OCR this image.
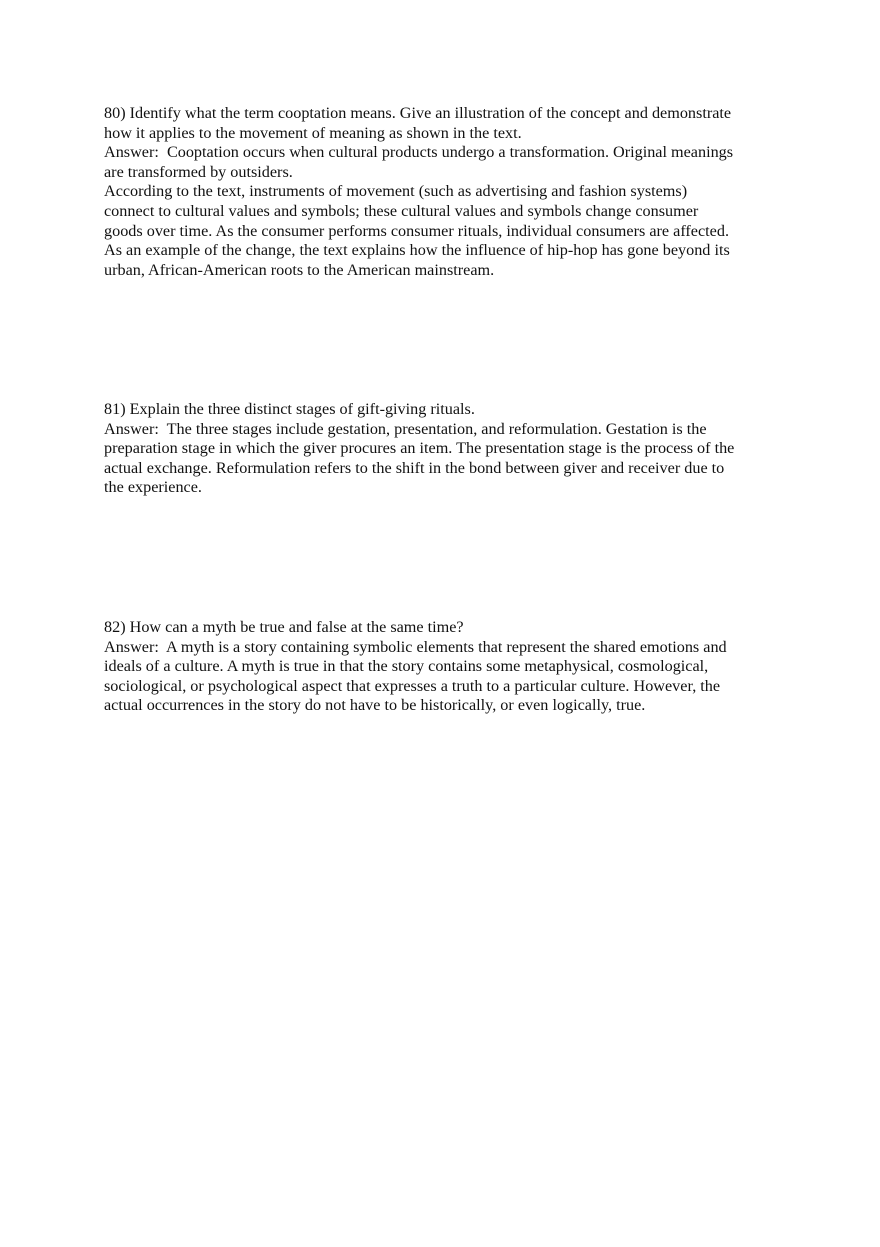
80) Identify what the term cooptation means. Give an illustration of the concept and demonstrate
how it applies to the movement of meaning as shown in the text.
Answer:  Cooptation occurs when cultural products undergo a transformation. Original meanings
are transformed by outsiders.
According to the text, instruments of movement (such as advertising and fashion systems)
connect to cultural values and symbols; these cultural values and symbols change consumer
goods over time. As the consumer performs consumer rituals, individual consumers are affected.
As an example of the change, the text explains how the influence of hip-hop has gone beyond its
urban, African-American roots to the American mainstream.
81) Explain the three distinct stages of gift-giving rituals.
Answer:  The three stages include gestation, presentation, and reformulation. Gestation is the
preparation stage in which the giver procures an item. The presentation stage is the process of the
actual exchange. Reformulation refers to the shift in the bond between giver and receiver due to
the experience.
82) How can a myth be true and false at the same time?
Answer:  A myth is a story containing symbolic elements that represent the shared emotions and
ideals of a culture. A myth is true in that the story contains some metaphysical, cosmological,
sociological, or psychological aspect that expresses a truth to a particular culture. However, the
actual occurrences in the story do not have to be historically, or even logically, true.
